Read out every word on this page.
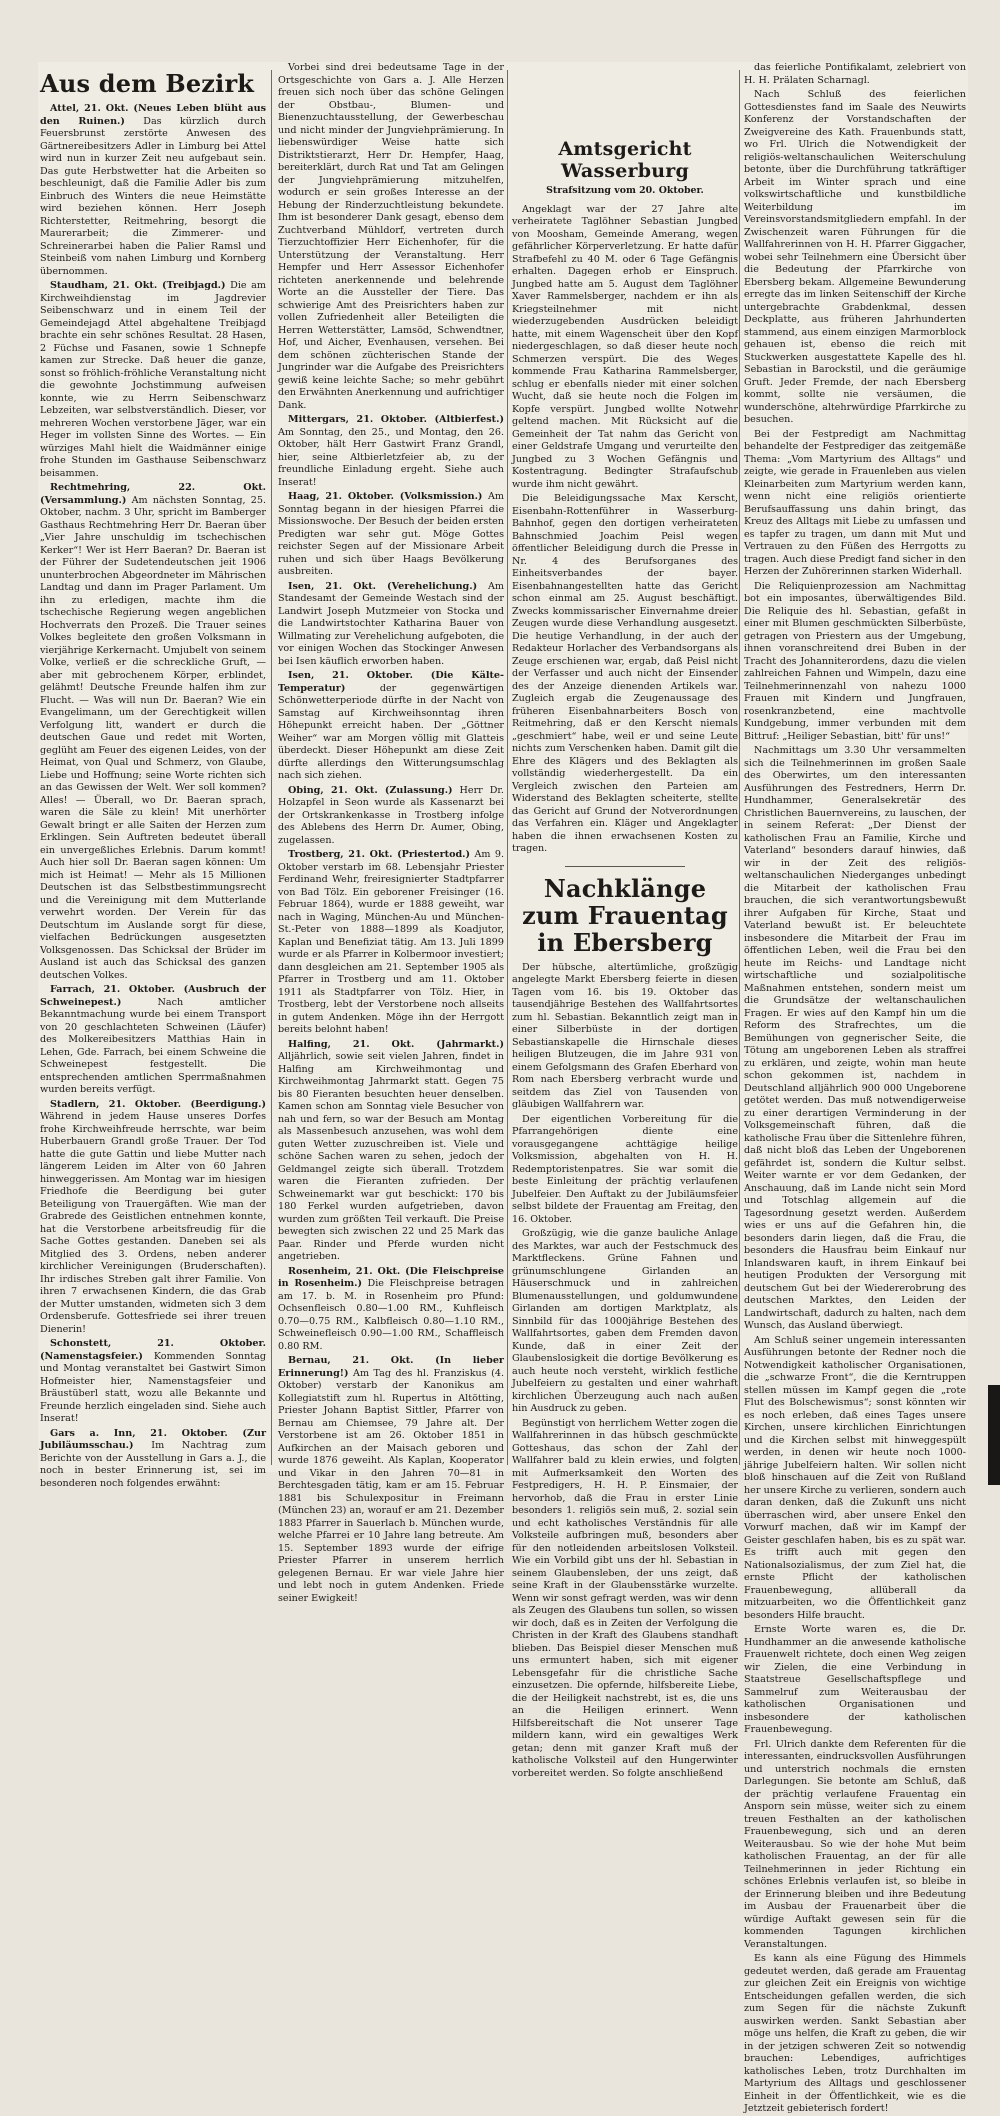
Aus dem Bezirk

Attel, 21. Okt. (Neues Leben blüht aus den Ruinen.) Das kürzlich durch Feuersbrunst zerstörte Anwesen des Gärtnereibesitzers Adler in Limburg bei Attel wird nun in kurzer Zeit neu aufgebaut sein. Das gute Herbstwetter hat die Arbeiten so beschleunigt, daß die Familie Adler bis zum Einbruch des Winters die neue Heimstätte wird beziehen können. Herr Joseph Richterstetter, Reitmehring, besorgt die Maurerarbeit; die Zimmerer- und Schreinerarbei haben die Palier Ramsl und Steinbeiß vom nahen Limburg und Kornberg übernommen.

Staudham, 21. Okt. (Treibjagd.) Die am Kirchweihdienstag im Jagdrevier Seibenschwarz und in einem Teil der Gemeindejagd Attel abgehaltene Treibjagd brachte ein sehr schönes Resultat. 28 Hasen, 2 Füchse und Fasanen, sowie 1 Schnepfe kamen zur Strecke. Daß heuer die ganze, sonst so fröhlich-fröhliche Veranstaltung nicht die gewohnte Jochstimmung aufweisen konnte, wie zu Herrn Seibenschwarz Lebzeiten, war selbstverständlich. Dieser, vor mehreren Wochen verstorbene Jäger, war ein Heger im vollsten Sinne des Wortes. — Ein würziges Mahl hielt die Waidmänner einige frohe Stunden im Gasthause Seibenschwarz beisammen.

Rechtmehring, 22. Okt. (Versammlung.) Am nächsten Sonntag, 25. Oktober, nachm. 3 Uhr, spricht im Bamberger Gasthaus Rechtmehring Herr Dr. Baeran über „Vier Jahre unschuldig im tschechischen Kerker“! Wer ist Herr Baeran? Dr. Baeran ist der Führer der Sudetendeutschen jeit 1906 ununterbrochen Abgeordneter im Mährischen Landtag und dann im Prager Parlament. Um ihn zu erledigen, machte ihm die tschechische Regierung wegen angeblichen Hochverrats den Prozeß. Die Trauer seines Volkes begleitete den großen Volksmann in vierjährige Kerkernacht. Umjubelt von seinem Volke, verließ er die schreckliche Gruft, — aber mit gebrochenem Körper, erblindet, gelähmt! Deutsche Freunde halfen ihm zur Flucht. — Was will nun Dr. Baeran? Wie ein Evangelimann, um der Gerechtigkeit willen Verfolgung litt, wandert er durch die deutschen Gaue und redet mit Worten, geglüht am Feuer des eigenen Leides, von der Heimat, von Qual und Schmerz, von Glaube, Liebe und Hoffnung; seine Worte richten sich an das Gewissen der Welt. Wer soll kommen? Alles! — Überall, wo Dr. Baeran sprach, waren die Säle zu klein! Mit unerhörter Gewalt bringt er alle Saiten der Herzen zum Erklingen. Sein Auftreten bedeutet überall ein unvergeßliches Erlebnis. Darum kommt! Auch hier soll Dr. Baeran sagen können: Um mich ist Heimat! — Mehr als 15 Millionen Deutschen ist das Selbstbestimmungsrecht und die Vereinigung mit dem Mutterlande verwehrt worden. Der Verein für das Deutschtum im Auslande sorgt für diese, vielfachen Bedrückungen ausgesetzten Volksgenossen. Das Schicksal der Brüder im Ausland ist auch das Schicksal des ganzen deutschen Volkes.

Farrach, 21. Oktober. (Ausbruch der Schweinepest.)	Nach amtlicher Bekanntmachung wurde bei einem Transport von 20 geschlachteten Schweinen (Läufer) des Molkereibesitzers Matthias Hain in Lehen, Gde. Farrach, bei einem Schweine die Schweinepest festgestellt. Die entsprechenden amtlichen Sperrmaßnahmen wurden bereits verfügt.

Stadlern, 21. Oktober. (Beerdigung.) Während in jedem Hause unseres Dorfes frohe Kirchweihfreude herrschte, war beim Huberbauern Grandl große Trauer. Der Tod hatte die gute Gattin und liebe Mutter nach längerem Leiden im Alter von 60 Jahren hinweggerissen. Am Montag war im hiesigen Friedhofe die Beerdigung bei guter Beteiligung von Trauergäften. Wie man der Grabrede des Geistlichen entnehmen konnte, hat die Verstorbene arbeitsfreudig für die Sache Gottes gestanden. Daneben sei als Mitglied des 3. Ordens, neben anderer kirchlicher Vereinigungen (Bruderschaften). Ihr irdisches Streben galt ihrer Familie. Von ihren 7 erwachsenen Kindern, die das Grab der Mutter umstanden, widmeten sich 3 dem Ordensberufe. Gottesfriede sei ihrer treuen Dienerin!

Schonstett, 21. Oktober. (Namenstagsfeier.) Kommenden Sonntag und Montag veranstaltet bei Gastwirt Simon Hofmeister hier, Namenstagsfeier und Bräustüberl statt, wozu alle Bekannte und Freunde herzlich eingeladen sind. Siehe auch Inserat!

Gars a. Inn, 21. Oktober. (Zur Jubiläumsschau.) Im Nachtrag zum Berichte von der Ausstellung in Gars a. J., die noch in bester Erinnerung ist, sei im besonderen noch folgendes erwähnt:

Vorbei sind drei bedeutsame Tage in der Ortsgeschichte von Gars a. J. Alle Herzen freuen sich noch über das schöne Gelingen der Obstbau-, Blumen- und Bienenzuchtausstellung, der Gewerbeschau und nicht minder der Jungviehprämierung. In liebenswürdiger Weise hatte sich Distriktstierarzt, Herr Dr. Hempfer, Haag, bereiterklärt, durch Rat und Tat am Gelingen der Jungviehprämierung mitzuhelfen, wodurch er sein großes Interesse an der Hebung der Rinderzuchtleistung bekundete. Ihm ist besonderer Dank gesagt, ebenso dem Zuchtverband Mühldorf, vertreten durch Tierzuchtoffizier Herr Eichenhofer, für die Unterstützung der Veranstaltung. Herr Hempfer und Herr Assessor Eichenhofer richteten anerkennende und belehrende Worte an die Aussteller der Tiere. Das schwierige Amt des Preisrichters haben zur vollen Zufriedenheit aller Beteiligten die Herren Wetterstätter, Lamsöd, Schwendtner, Hof, und Aicher, Evenhausen, versehen. Bei dem schönen züchterischen Stande der Jungrinder war die Aufgabe des Preisrichters gewiß keine leichte Sache; so mehr gebührt den Erwähnten Anerkennung und aufrichtiger Dank.

Mittergars, 21. Oktober. (Altbierfest.) Am Sonntag, den 25., und Montag, den 26. Oktober, hält Herr Gastwirt Franz Grandl, hier, seine Altbierletzfeier ab, zu der freundliche Einladung ergeht. Siehe auch Inserat!

Haag, 21. Oktober. (Volksmission.) Am Sonntag begann in der hiesigen Pfarrei die Missionswoche. Der Besuch der beiden ersten Predigten war sehr gut. Möge Gottes reichster Segen auf der Missionare Arbeit ruhen und sich über Haags Bevölkerung ausbreiten.

Isen, 21. Okt. (Verehelichung.) Am Standesamt der Gemeinde Westach sind der Landwirt Joseph Mutzmeier von Stocka und die Landwirtstochter Katharina Bauer von Willmating zur Verehelichung aufgeboten, die vor einigen Wochen das Stockinger Anwesen bei Isen käuflich erworben haben.

Isen, 21. Oktober. (Die Kälte-Temperatur)	der gegenwärtigen Schönwetterperiode dürfte in der Nacht von Samstag auf Kirchweihsonntag ihren Höhepunkt erreicht haben. Der „Göttner Weiher“ war am Morgen völlig mit Glatteis überdeckt. Dieser Höhepunkt am diese Zeit dürfte allerdings den Witterungsumschlag nach sich ziehen.

Obing, 21. Okt. (Zulassung.) Herr Dr. Holzapfel in Seon wurde als Kassenarzt bei der Ortskrankenkasse in Trostberg infolge des Ablebens des Herrn Dr. Aumer, Obing, zugelassen.

Trostberg, 21. Okt. (Priestertod.) Am 9. Oktober verstarb im 68. Lebensjahr Priester Ferdinand Wehr, freiresignierter Stadtpfarrer von Bad Tölz. Ein geborener Freisinger (16. Februar 1864), wurde er 1888 geweiht, war nach in Waging, München-Au und München-St.-Peter von 1888—1899 als Koadjutor, Kaplan und Benefiziat tätig. Am 13. Juli 1899 wurde er als Pfarrer in Kolbermoor investiert; dann desgleichen am 21. September 1905 als Pfarrer in Trostberg und am 11. Oktober 1911 als Stadtpfarrer von Tölz. Hier, in Trostberg, lebt der Verstorbene noch allseits in gutem Andenken. Möge ihn der Herrgott bereits belohnt haben!

Halfing, 21. Okt. (Jahrmarkt.) Alljährlich, sowie seit vielen Jahren, findet in Halfing am Kirchweihmontag und Kirchweihmontag Jahrmarkt statt. Gegen 75 bis 80 Fieranten besuchten heuer denselben. Kamen schon am Sonntag viele Besucher von nah und fern, so war der Besuch am Montag als Massenbesuch anzusehen, was wohl dem guten Wetter zuzuschreiben ist. Viele und schöne Sachen waren zu sehen, jedoch der Geldmangel zeigte sich überall. Trotzdem waren die Fieranten zufrieden. Der Schweinemarkt war gut beschickt: 170 bis 180 Ferkel wurden aufgetrieben, davon wurden zum größten Teil verkauft. Die Preise bewegten sich zwischen 22 und 25 Mark das Paar. Rinder und Pferde wurden nicht angetrieben.

Rosenheim, 21. Okt. (Die Fleischpreise in Rosenheim.) Die Fleischpreise betragen am 17. b. M. in Rosenheim pro Pfund: Ochsenfleisch 0.80—1.00 RM., Kuhfleisch 0.70—0.75 RM., Kalbfleisch 0.80—1.10 RM., Schweinefleisch 0.90—1.00 RM., Schaffleisch 0.80 RM.

Bernau, 21. Okt. (In lieber Erinnerung!) Am Tag des hl. Franziskus (4. Oktober) verstarb der Kanonikus am Kollegiatstift zum hl. Rupertus in Altötting, Priester Johann Baptist Sittler, Pfarrer von Bernau am Chiemsee, 79 Jahre alt. Der Verstorbene ist am 26. Oktober 1851 in Aufkirchen an der Maisach geboren und wurde 1876 geweiht. Als Kaplan, Kooperator und Vikar in den Jahren 70—81 in Berchtesgaden tätig, kam er am 15. Februar 1881 bis Schulexpositur in Freimann (München 23) an, worauf er am 21. Dezember 1883 Pfarrer in Sauerlach b. München wurde, welche Pfarrei er 10 Jahre lang betreute. Am 15. September 1893 wurde der eifrige Priester Pfarrer in unserem herrlich gelegenen Bernau. Er war viele Jahre hier und lebt noch in gutem Andenken. Friede seiner Ewigkeit!

Amtsgericht Wasserburg
Strafsitzung vom 20. Oktober.

Angeklagt war der 27 Jahre alte verheiratete Taglöhner Sebastian Jungbed von Moosham, Gemeinde Amerang, wegen gefährlicher Körperverletzung. Er hatte dafür Strafbefehl zu 40 M. oder 6 Tage Gefängnis erhalten. Dagegen erhob er Einspruch. Jungbed hatte am 5. August dem Taglöhner Xaver Rammelsberger, nachdem er ihn als Kriegsteilnehmer mit nicht wiederzugebenden Ausdrücken beleidigt hatte, mit einem Wagenscheit über den Kopf niedergeschlagen, so daß dieser heute noch Schmerzen verspürt. Die des Weges kommende Frau Katharina Rammelsberger, schlug er ebenfalls nieder mit einer solchen Wucht, daß sie heute noch die Folgen im Kopfe verspürt. Jungbed wollte Notwehr geltend machen. Mit Rücksicht auf die Gemeinheit der Tat nahm das Gericht von einer Geldstrafe Umgang und verurteilte den Jungbed zu 3 Wochen Gefängnis und Kostentragung. Bedingter Strafaufschub wurde ihm nicht gewährt.

Die Beleidigungssache Max Kerscht, Eisenbahn-Rottenführer in Wasserburg-Bahnhof, gegen den dortigen verheirateten Bahnschmied Joachim Peisl wegen öffentlicher Beleidigung durch die Presse in Nr. 4 des Berufsorganes des Einheitsverbandes der bayer. Eisenbahnangestellten hatte das Gericht schon einmal am 25. August beschäftigt. Zwecks kommissarischer Einvernahme dreier Zeugen wurde diese Verhandlung ausgesetzt. Die heutige Verhandlung, in der auch der Redakteur Horlacher des Verbandsorgans als Zeuge erschienen war, ergab, daß Peisl nicht der Verfasser und auch nicht der Einsender des der Anzeige dienenden Artikels war. Zugleich ergab die Zeugenaussage des früheren Eisenbahnarbeiters Bosch von Reitmehring, daß er den Kerscht niemals „geschmiert“ habe, weil er und seine Leute nichts zum Verschenken haben. Damit gilt die Ehre des Klägers und des Beklagten als vollständig wiederhergestellt. Da ein Vergleich zwischen den Parteien am Widerstand des Beklagten scheiterte, stellte das Gericht auf Grund der Notverordnungen das Verfahren ein. Kläger und Angeklagter haben die ihnen erwachsenen Kosten zu tragen.

Nachklänge zum Frauentag in Ebersberg

Der hübsche, altertümliche, großzügig angelegte Markt Ebersberg feierte in diesen Tagen vom 16. bis 19. Oktober das tausendjährige Bestehen des Wallfahrtsortes zum hl. Sebastian. Bekanntlich zeigt man in einer Silberbüste in der dortigen Sebastianskapelle die Hirnschale dieses heiligen Blutzeugen, die im Jahre 931 von einem Gefolgsmann des Grafen Eberhard von Rom nach Ebersberg verbracht wurde und seitdem das Ziel von Tausenden von gläubigen Wallfahrern war.

Der eigentlichen Vorbereitung für die Pfarrangehörigen diente eine vorausgegangene achttägige heilige Volksmission, abgehalten von H. H. Redemptoristenpatres. Sie war somit die beste Einleitung der prächtig verlaufenen Jubelfeier. Den Auftakt zu der Jubiläumsfeier selbst bildete der Frauentag am Freitag, den 16. Oktober.

Großzügig, wie die ganze bauliche Anlage des Marktes, war auch der Festschmuck des Marktfleckens. Grüne Fahnen und grünumschlungene Girlanden an Häuserschmuck und in zahlreichen Blumenausstellungen, und goldumwundene Girlanden am dortigen Marktplatz, als Sinnbild für das 1000jährige Bestehen des Wallfahrtsortes, gaben dem Fremden davon Kunde, daß in einer Zeit der Glaubenslosigkeit die dortige Bevölkerung es auch heute noch versteht, wirklich festliche Jubelfeiern zu gestalten und einer wahrhaft kirchlichen Überzeugung auch nach außen hin Ausdruck zu geben.

Begünstigt von herrlichem Wetter zogen die Wallfahrerinnen in das hübsch geschmückte Gotteshaus, das schon der Zahl der Wallfahrer bald zu klein erwies, und folgten mit Aufmerksamkeit den Worten des Festpredigers, H. H. P. Einsmaier, der hervorhob, daß die Frau in erster Linie besonders 1. religiös sein muß, 2. sozial sein und echt katholisches Verständnis für alle Volksteile aufbringen muß, besonders aber für den notleidenden arbeitslosen Volksteil. Wie ein Vorbild gibt uns der hl. Sebastian in seinem Glaubensleben, der uns zeigt, daß seine Kraft in der Glaubensstärke wurzelte. Wenn wir sonst gefragt werden, was wir denn als Zeugen des Glaubens tun sollen, so wissen wir doch, daß es in Zeiten der Verfolgung die Christen in der Kraft des Glaubens standhaft blieben. Das Beispiel dieser Menschen muß uns ermuntert haben, sich mit eigener Lebensgefahr für die christliche Sache einzusetzen. Die opfernde, hilfsbereite Liebe, die der Heiligkeit nachstrebt, ist es, die uns an die Heiligen erinnert. Wenn Hilfsbereitschaft die Not unserer Tage mildern kann, wird ein gewaltiges Werk getan; denn mit ganzer Kraft muß der katholische Volksteil auf den Hungerwinter vorbereitet werden. So folgte anschließend

das feierliche Pontifikalamt, zelebriert von H. H. Prälaten Scharnagl.

Nach Schluß des feierlichen Gottesdienstes fand im Saale des Neuwirts Konferenz der Vorstandschaften der Zweigvereine des Kath. Frauenbunds statt, wo Frl. Ulrich die Notwendigkeit der religiös-weltanschaulichen Weiterschulung betonte, über die Durchführung tatkräftiger Arbeit im Winter sprach und eine volkswirtschaftliche und kunstbildliche Weiterbildung im Vereinsvorstandsmitgliedern empfahl. In der Zwischenzeit waren Führungen für die Wallfahrerinnen von H. H. Pfarrer Giggacher, wobei sehr Teilnehmern eine Übersicht über die Bedeutung der Pfarrkirche von Ebersberg bekam. Allgemeine Bewunderung erregte das im linken Seitenschiff der Kirche untergebrachte Grabdenkmal, dessen Deckplatte, aus früheren Jahrhunderten stammend, aus einem einzigen Marmorblock gehauen ist, ebenso die reich mit Stuckwerken ausgestattete Kapelle des hl. Sebastian in Barockstil, und die geräumige Gruft. Jeder Fremde, der nach Ebersberg kommt, sollte nie versäumen, die wunderschöne, altehrwürdige Pfarrkirche zu besuchen.

Bei der Festpredigt am Nachmittag behandelte der Festprediger das zeitgemäße Thema: „Vom Martyrium des Alltags“ und zeigte, wie gerade in Frauenleben aus vielen Kleinarbeiten zum Martyrium werden kann, wenn nicht eine religiös orientierte Berufsauffassung uns dahin bringt, das Kreuz des Alltags mit Liebe zu umfassen und es tapfer zu tragen, um dann mit Mut und Vertrauen zu den Füßen des Herrgotts zu tragen. Auch diese Predigt fand sicher in den Herzen der Zuhörerinnen starken Widerhall.

Die Reliquienprozession am Nachmittag bot ein imposantes, überwältigendes Bild. Die Reliquie des hl. Sebastian, gefaßt in einer mit Blumen geschmückten Silberbüste, getragen von Priestern aus der Umgebung, ihnen voranschreitend drei Buben in der Tracht des Johanniterordens, dazu die vielen zahlreichen Fahnen und Wimpeln, dazu eine Teilnehmerinnenzahl von nahezu 1000 Frauen mit Kindern und Jungfrauen, rosenkranzbetend, eine machtvolle Kundgebung, immer verbunden mit dem Bittruf: „Heiliger Sebastian, bitt' für uns!“

Nachmittags um 3.30 Uhr versammelten sich die Teilnehmerinnen im großen Saale des Oberwirtes, um den interessanten Ausführungen des Festredners, Herrn Dr. Hundhammer, Generalsekretär des Christlichen Bauernvereins, zu lauschen, der in seinem Referat: „Der Dienst der katholischen Frau an Familie, Kirche und Vaterland“ besonders darauf hinwies, daß wir in der Zeit des religiös-weltanschaulichen Niederganges unbedingt die Mitarbeit der katholischen Frau brauchen, die sich verantwortungsbewußt ihrer Aufgaben für Kirche, Staat und Vaterland bewußt ist. Er beleuchtete insbesondere die Mitarbeit der Frau im öffentlichen Leben, weil die Frau bei den heute im Reichs- und Landtage nicht wirtschaftliche und sozialpolitische Maßnahmen entstehen, sondern meist um die Grundsätze der weltanschaulichen Fragen. Er wies auf den Kampf hin um die Reform des Strafrechtes, um die Bemühungen von gegnerischer Seite, die Tötung am ungeborenen Leben als straffrei zu erklären, und zeigte, wohin man heute schon gekommen ist, nachdem in Deutschland alljährlich 900 000 Ungeborene getötet werden. Das muß notwendigerweise zu einer derartigen Verminderung in der Volksgemeinschaft führen, daß die katholische Frau über die Sittenlehre führen, daß nicht bloß das Leben der Ungeborenen gefährdet ist, sondern die Kultur selbst. Weiter warnte er vor dem Gedanken, der Anschauung, daß im Lande nicht sein Mord und Totschlag allgemein auf die Tagesordnung gesetzt werden. Außerdem wies er uns auf die Gefahren hin, die besonders darin liegen, daß die Frau, die besonders die Hausfrau beim Einkauf nur Inlandswaren kauft, in ihrem Einkauf bei heutigen Produkten der Versorgung mit deutschem Gut bei der Wiedererobrung des deutschen Marktes, den Leiden der Landwirtschaft, dadurch zu halten, nach dem Wunsch, das Ausland überwiegt.

Am Schluß seiner ungemein interessanten Ausführungen betonte der Redner noch die Notwendigkeit katholischer Organisationen, die „schwarze Front“, die die Kerntruppen stellen müssen im Kampf gegen die „rote Flut des Bolschewismus“; sonst könnten wir es noch erleben, daß eines Tages unsere Kirchen, unsere kirchlichen Einrichtungen und die Kirchen selbst mit hinweggespült werden, in denen wir heute noch 1000-jährige Jubelfeiern halten. Wir sollen nicht bloß hinschauen auf die Zeit von Rußland her unsere Kirche zu verlieren, sondern auch daran denken, daß die Zukunft uns nicht überraschen wird, aber unsere Enkel den Vorwurf machen, daß wir im Kampf der Geister geschlafen haben, bis es zu spät war. Es trifft auch mit gegen den Nationalsozialismus, der zum Ziel hat, die ernste Pflicht der katholischen Frauenbewegung, allüberall da mitzuarbeiten, wo die Öffentlichkeit ganz besonders Hilfe braucht.

Ernste Worte waren es, die Dr. Hundhammer an die anwesende katholische Frauenwelt richtete, doch einen Weg zeigen wir Zielen, die eine Verbindung in Staatstreue Gesellschaftspflege und Sammelruf zum Weiterausbau der katholischen Organisationen und insbesondere der katholischen Frauenbewegung.

Frl. Ulrich dankte dem Referenten für die interessanten, eindrucksvollen Ausführungen und unterstrich nochmals die ernsten Darlegungen. Sie betonte am Schluß, daß der prächtig verlaufene Frauentag ein Ansporn sein müsse, weiter sich zu einem treuen Festhalten an der katholischen Frauenbewegung, sich und an deren Weiterausbau. So wie der hohe Mut beim katholischen Frauentag, an der für alle Teilnehmerinnen in jeder Richtung ein schönes Erlebnis verlaufen ist, so bleibe in der Erinnerung bleiben und ihre Bedeutung im Ausbau der Frauenarbeit über die würdige Auftakt gewesen sein für die kommenden Tagungen kirchlichen Veranstaltungen.

Es kann als eine Fügung des Himmels gedeutet werden, daß gerade am Frauentag zur gleichen Zeit ein Ereignis von wichtige Entscheidungen gefallen werden, die sich zum Segen für die nächste Zukunft auswirken werden. Sankt Sebastian aber möge uns helfen, die Kraft zu geben, die wir in der jetzigen schweren Zeit so notwendig brauchen: Lebendiges, aufrichtiges katholisches Leben, trotz Durchhalten im Martyrium des Alltags und geschlossener Einheit in der Öffentlichkeit, wie es die Jetztzeit gebieterisch fordert!
